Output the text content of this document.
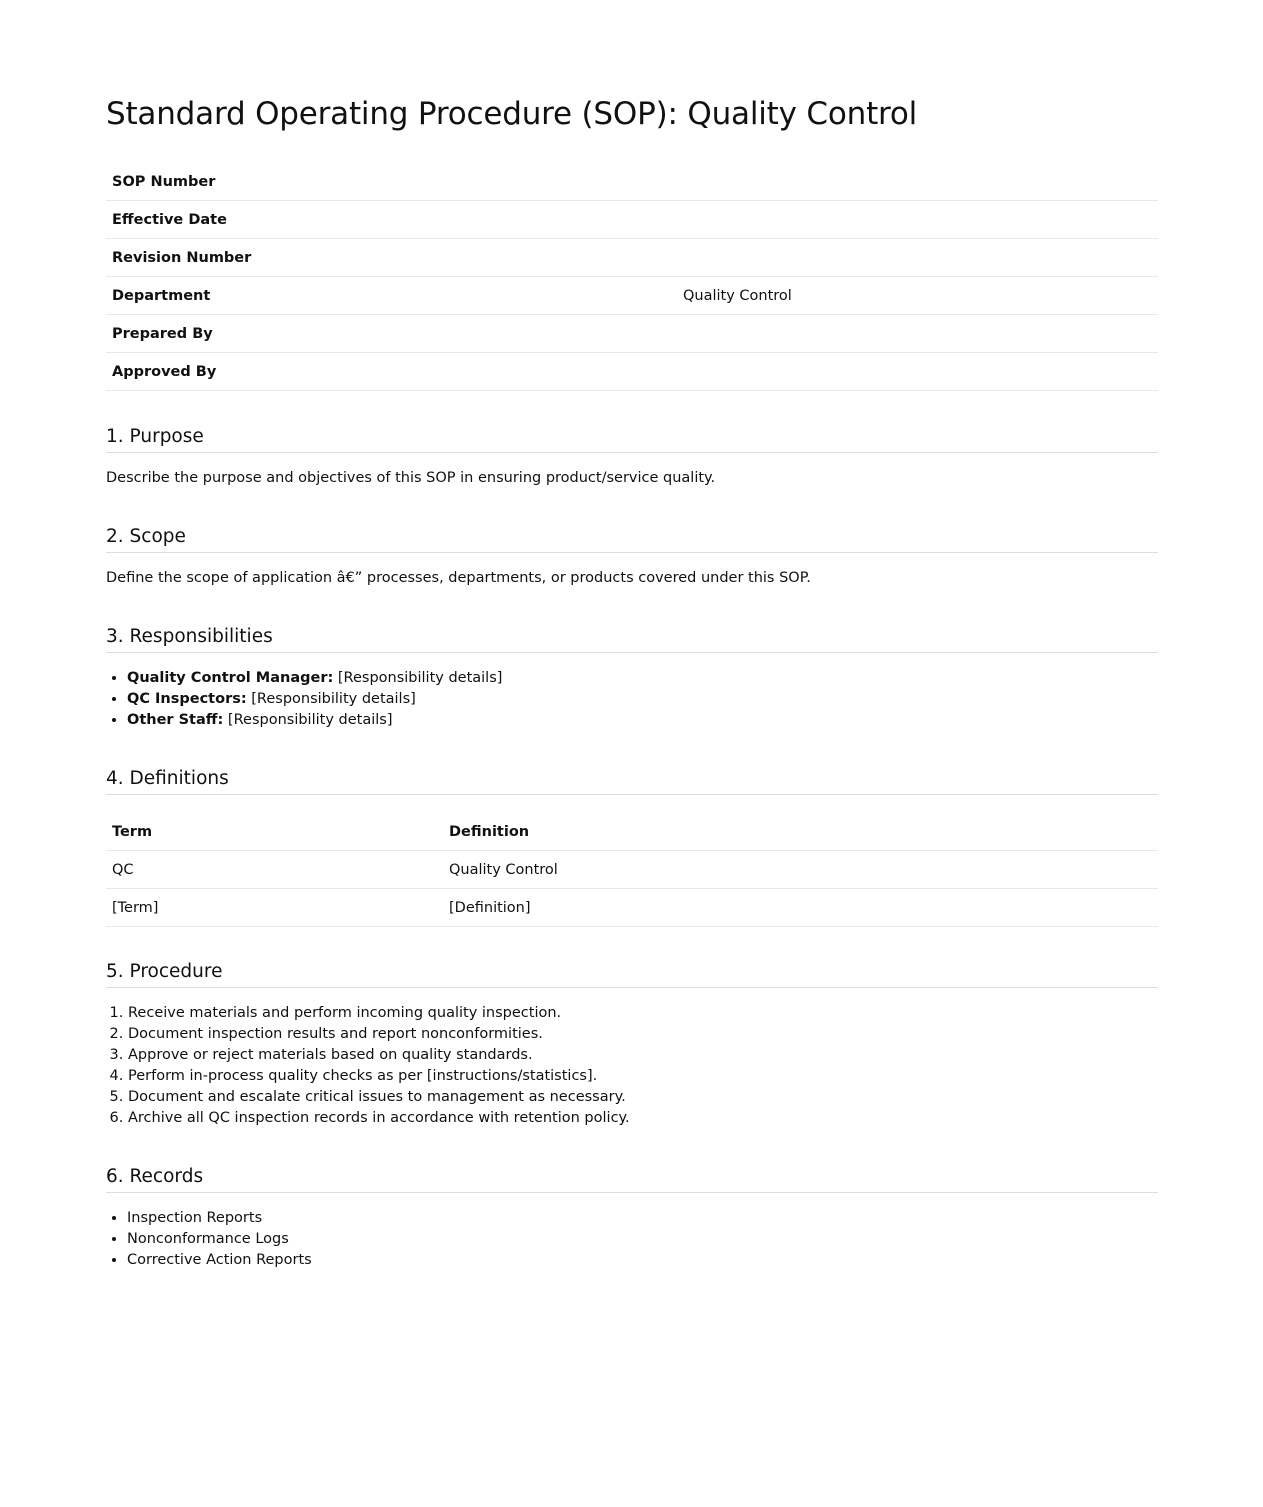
Standard Operating Procedure (SOP): Quality Control
SOP Number	
Effective Date	
Revision Number	
Department	Quality Control
Prepared By	
Approved By	
1. Purpose

Describe the purpose and objectives of this SOP in ensuring product/service quality.

2. Scope

Define the scope of application â€” processes, departments, or products covered under this SOP.

3. Responsibilities
• Quality Control Manager: [Responsibility details]
• QC Inspectors: [Responsibility details]
• Other Staff: [Responsibility details]
4. Definitions
Term	Definition
QC	Quality Control
[Term]	[Definition]
5. Procedure
1. Receive materials and perform incoming quality inspection.
2. Document inspection results and report nonconformities.
3. Approve or reject materials based on quality standards.
4. Perform in-process quality checks as per [instructions/statistics].
5. Document and escalate critical issues to management as necessary.
6. Archive all QC inspection records in accordance with retention policy.
6. Records
• Inspection Reports
• Nonconformance Logs
• Corrective Action Reports
